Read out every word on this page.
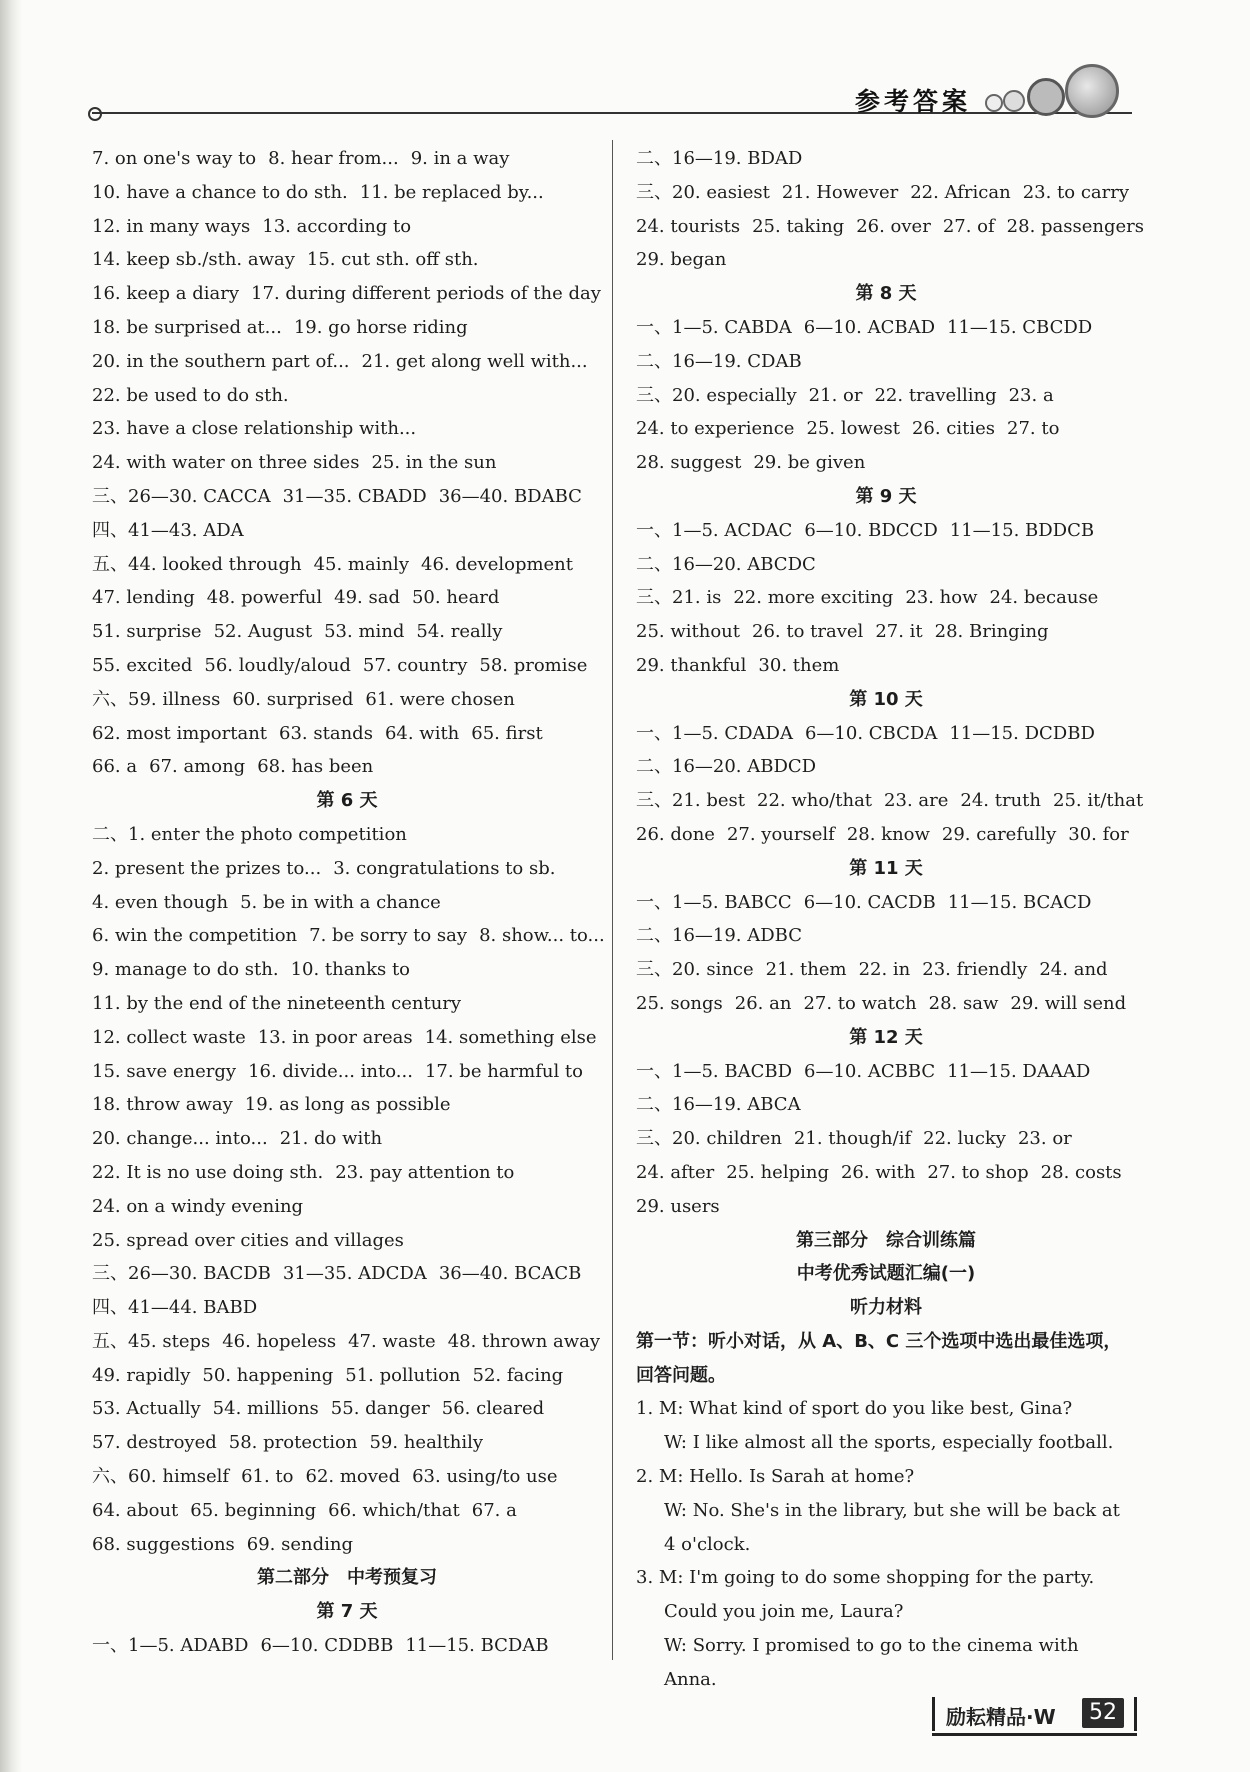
参考答案
7. on one's way to 8. hear from... 9. in a way
10. have a chance to do sth. 11. be replaced by...
12. in many ways 13. according to
14. keep sb./sth. away 15. cut sth. off sth.
16. keep a diary 17. during different periods of the day
18. be surprised at... 19. go horse riding
20. in the southern part of... 21. get along well with...
22. be used to do sth.
23. have a close relationship with...
24. with water on three sides 25. in the sun
三、26—30. CACCA 31—35. CBADD 36—40. BDABC
四、41—43. ADA
五、44. looked through 45. mainly 46. development
47. lending 48. powerful 49. sad 50. heard
51. surprise 52. August 53. mind 54. really
55. excited 56. loudly/aloud 57. country 58. promise
六、59. illness 60. surprised 61. were chosen
62. most important 63. stands 64. with 65. first
66. a 67. among 68. has been
第 6 天
二、1. enter the photo competition
2. present the prizes to... 3. congratulations to sb.
4. even though 5. be in with a chance
6. win the competition 7. be sorry to say 8. show... to...
9. manage to do sth. 10. thanks to
11. by the end of the nineteenth century
12. collect waste 13. in poor areas 14. something else
15. save energy 16. divide... into... 17. be harmful to
18. throw away 19. as long as possible
20. change... into... 21. do with
22. It is no use doing sth. 23. pay attention to
24. on a windy evening
25. spread over cities and villages
三、26—30. BACDB 31—35. ADCDA 36—40. BCACB
四、41—44. BABD
五、45. steps 46. hopeless 47. waste 48. thrown away
49. rapidly 50. happening 51. pollution 52. facing
53. Actually 54. millions 55. danger 56. cleared
57. destroyed 58. protection 59. healthily
六、60. himself 61. to 62. moved 63. using/to use
64. about 65. beginning 66. which/that 67. a
68. suggestions 69. sending
第二部分　中考预复习
第 7 天
一、1—5. ADABD 6—10. CDDBB 11—15. BCDAB
二、16—19. BDAD
三、20. easiest 21. However 22. African 23. to carry
24. tourists 25. taking 26. over 27. of 28. passengers
29. began
第 8 天
一、1—5. CABDA 6—10. ACBAD 11—15. CBCDD
二、16—19. CDAB
三、20. especially 21. or 22. travelling 23. a
24. to experience 25. lowest 26. cities 27. to
28. suggest 29. be given
第 9 天
一、1—5. ACDAC 6—10. BDCCD 11—15. BDDCB
二、16—20. ABCDC
三、21. is 22. more exciting 23. how 24. because
25. without 26. to travel 27. it 28. Bringing
29. thankful 30. them
第 10 天
一、1—5. CDADA 6—10. CBCDA 11—15. DCDBD
二、16—20. ABDCD
三、21. best 22. who/that 23. are 24. truth 25. it/that
26. done 27. yourself 28. know 29. carefully 30. for
第 11 天
一、1—5. BABCC 6—10. CACDB 11—15. BCACD
二、16—19. ADBC
三、20. since 21. them 22. in 23. friendly 24. and
25. songs 26. an 27. to watch 28. saw 29. will send
第 12 天
一、1—5. BACBD 6—10. ACBBC 11—15. DAAAD
二、16—19. ABCA
三、20. children 21. though/if 22. lucky 23. or
24. after 25. helping 26. with 27. to shop 28. costs
29. users
第三部分　综合训练篇
中考优秀试题汇编(一)
听力材料
第一节：听小对话，从 A、B、C 三个选项中选出最佳选项，回答问题。
1. M: What kind of sport do you like best, Gina?
W: I like almost all the sports, especially football.
2. M: Hello. Is Sarah at home?
W: No. She's in the library, but she will be back at 4 o'clock.
3. M: I'm going to do some shopping for the party. Could you join me, Laura?
W: Sorry. I promised to go to the cinema with Anna.
励耘精品·W	52
